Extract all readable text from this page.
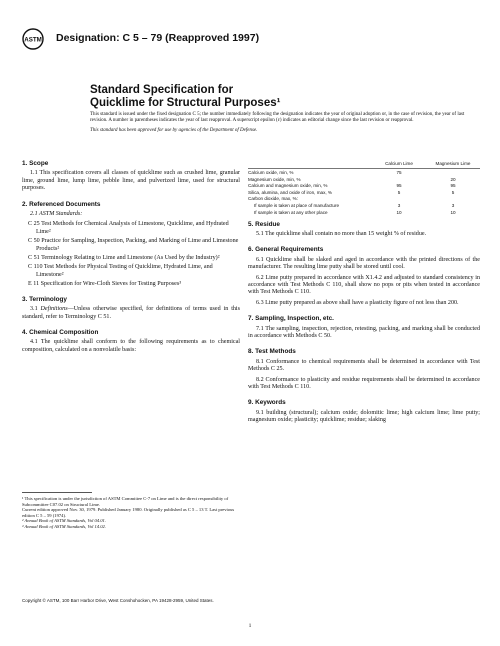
ASTM Designation: C 5 – 79 (Reapproved 1997)
Standard Specification for
Quicklime for Structural Purposes¹

This standard is issued under the fixed designation C 5; the number immediately following the designation indicates the year of original adoption or, in the case of revision, the year of last revision. A number in parentheses indicates the year of last reapproval. A superscript epsilon (ε) indicates an editorial change since the last revision or reapproval.

This standard has been approved for use by agencies of the Department of Defense.

1. Scope
1.1 This specification covers all classes of quicklime such as crushed lime, granular lime, ground lime, lump lime, pebble lime, and pulverized lime, used for structural purposes.
2. Referenced Documents
2.1 ASTM Standards:
C 25 Test Methods for Chemical Analysis of Limestone, Quicklime, and Hydrated Lime²
C 50 Practice for Sampling, Inspection, Packing, and Marking of Lime and Limestone Products²
C 51 Terminology Relating to Lime and Limestone (As Used by the Industry)²
C 110 Test Methods for Physical Testing of Quicklime, Hydrated Lime, and Limestone²
E 11 Specification for Wire-Cloth Sieves for Testing Purposes³
3. Terminology
3.1 Definitions—Unless otherwise specified, for definitions of terms used in this standard, refer to Terminology C 51.
4. Chemical Composition
4.1 The quicklime shall conform to the following requirements as to chemical composition, calculated on a nonvolatile basis:
	Calcium Lime	Magnesium Lime
Calcium oxide, min, %	75	
Magnesium oxide, min, %		20
Calcium and magnesium oxide, min, %	95	95
Silica, alumina, and oxide of iron, max, %	5	5
Carbon dioxide, max, %:		
If sample is taken at place of manufacture	3	3
If sample is taken at any other place	10	10
5. Residue
5.1 The quicklime shall contain no more than 15 weight % of residue.
6. General Requirements
6.1 Quicklime shall be slaked and aged in accordance with the printed directions of the manufacturer. The resulting lime putty shall be stored until cool.
6.2 Lime putty prepared in accordance with X1.4.2 and adjusted to standard consistency in accordance with Test Methods C 110, shall show no pops or pits when tested in accordance with Test Methods C 110.
6.3 Lime putty prepared as above shall have a plasticity figure of not less than 200.
7. Sampling, Inspection, etc.
7.1 The sampling, inspection, rejection, retesting, packing, and marking shall be conducted in accordance with Methods C 50.
8. Test Methods
8.1 Conformance to chemical requirements shall be determined in accordance with Test Methods C 25.
8.2 Conformance to plasticity and residue requirements shall be determined in accordance with Test Methods C 110.
9. Keywords
9.1 building (structural); calcium oxide; dolomitic lime; high calcium lime; lime putty; magnesium oxide; plasticity; quicklime; residue; slaking

¹ This specification is under the jurisdiction of ASTM Committee C-7 on Lime and is the direct responsibility of Subcommittee C07.02 on Structural Lime.

Current edition approved Nov. 30, 1979. Published January 1980. Originally published as C 5 – 13 T. Last previous edition C 5 – 59 (1974).

² Annual Book of ASTM Standards, Vol 04.01.

³ Annual Book of ASTM Standards, Vol 14.02.

Copyright © ASTM, 100 Barr Harbor Drive, West Conshohocken, PA 19428-2959, United States.
1
